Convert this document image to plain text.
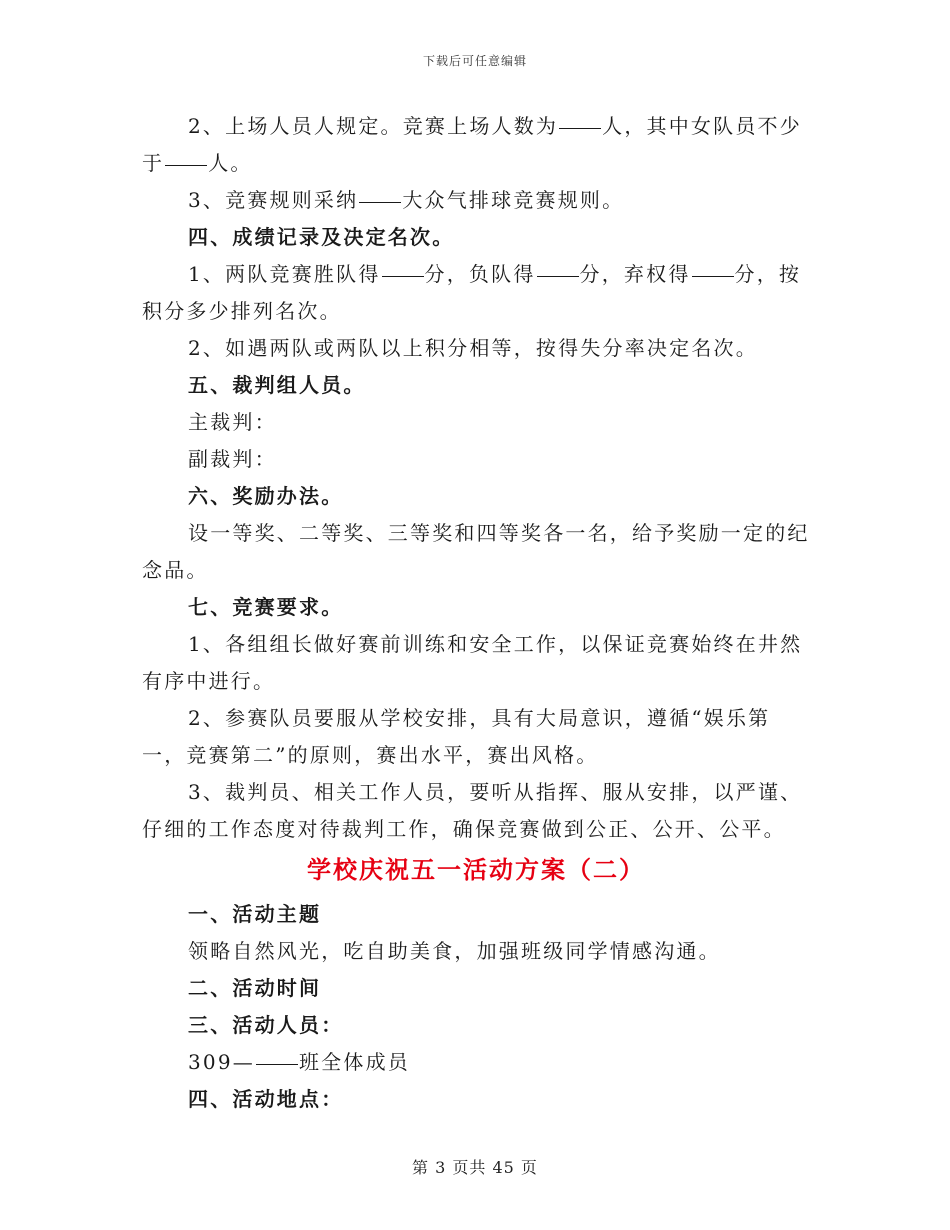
下载后可任意编辑

2、上场人员人规定。竞赛上场人数为 人，其中女队员不少于 人。

3、竞赛规则采纳 大众气排球竞赛规则。

四、成绩记录及决定名次。

1、两队竞赛胜队得 分，负队得 分，弃权得 分，按积分多少排列名次。

2、如遇两队或两队以上积分相等，按得失分率决定名次。

五、裁判组人员。

主裁判：

副裁判：

六、奖励办法。

设一等奖、二等奖、三等奖和四等奖各一名，给予奖励一定的纪念品。

七、竞赛要求。

1、各组组长做好赛前训练和安全工作，以保证竞赛始终在井然有序中进行。

2、参赛队员要服从学校安排，具有大局意识，遵循“娱乐第一，竞赛第二”的原则，赛出水平，赛出风格。

3、裁判员、相关工作人员，要听从指挥、服从安排，以严谨、仔细的工作态度对待裁判工作，确保竞赛做到公正、公开、公平。

学校庆祝五一活动方案（二）

一、活动主题

领略自然风光，吃自助美食，加强班级同学情感沟通。

二、活动时间

三、活动人员：

309— 班全体成员

四、活动地点：

第 3 页共 45 页
